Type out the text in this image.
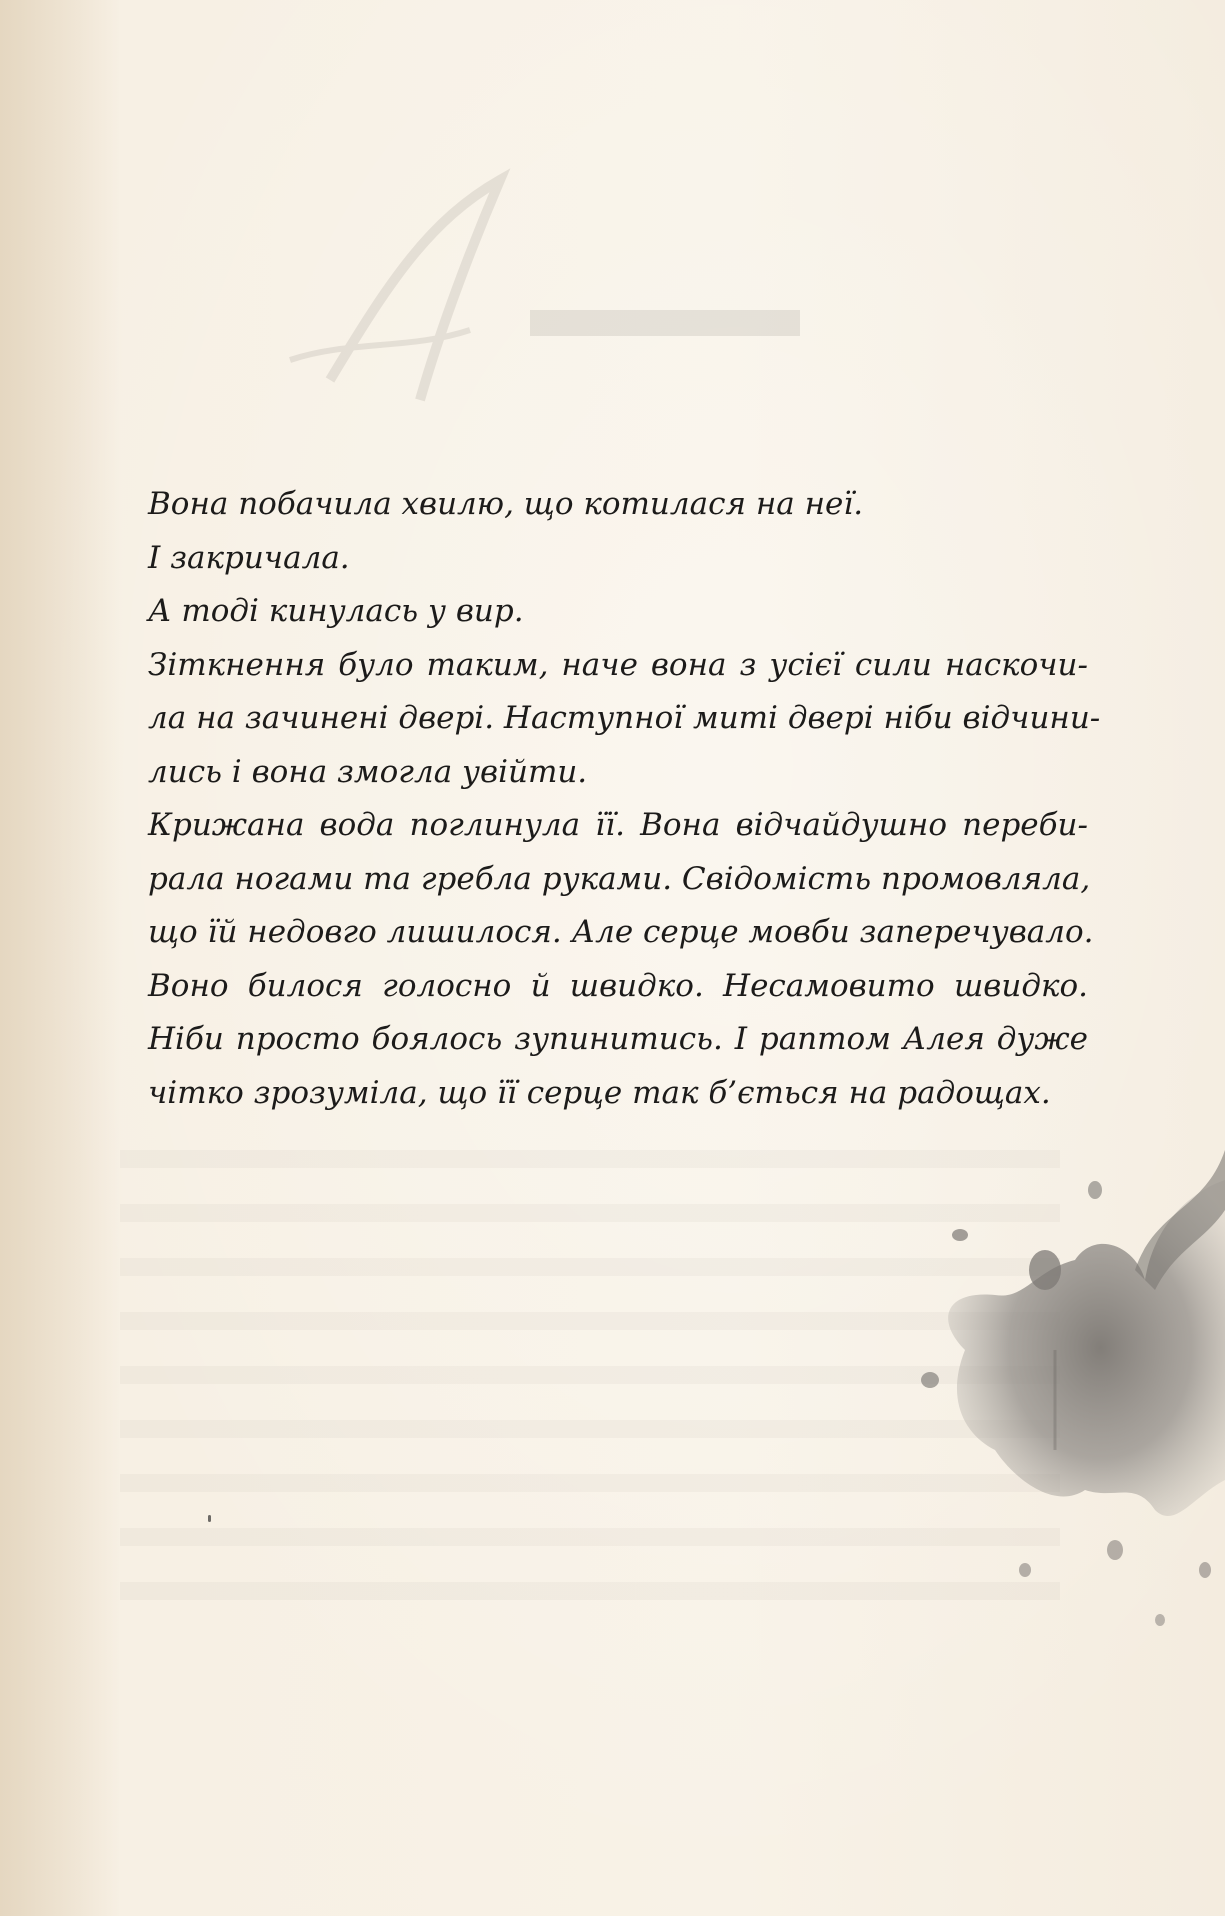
Вона побачила хвилю, що котилася на неї.

І закричала.

А тоді кинулась у вир.

Зіткнення було таким, наче вона з усієї сили наскочи-
ла на зачинені двері. Наступної миті двері ніби відчини-
лись і вона змогла увійти.

Крижана вода поглинула її. Вона відчайдушно переби-
рала ногами та гребла руками. Свідомість промовляла,
що їй недовго лишилося. Але серце мовби заперечувало.
Воно билося голосно й швидко. Несамовито швидко.
Ніби просто боялось зупинитись. І раптом Алея дуже
чітко зрозуміла, що її серце так б’ється на радощах.
